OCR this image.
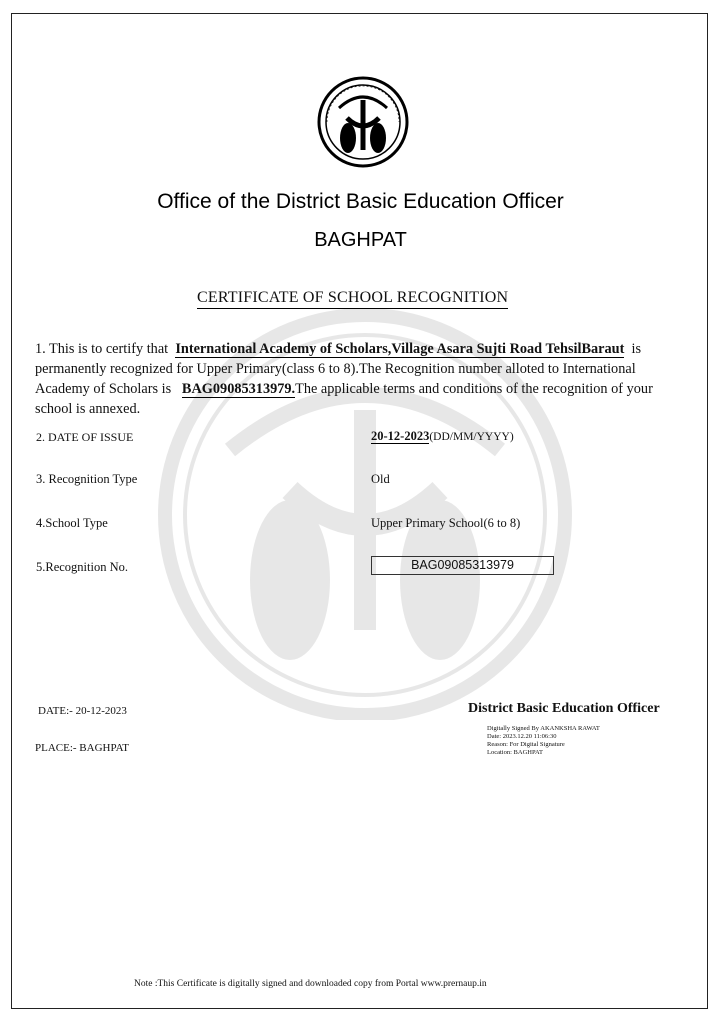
Office of the District Basic Education Officer
BAGHPAT
CERTIFICATE OF SCHOOL RECOGNITION
1. This is to certify that International Academy of Scholars,Village Asara Sujti Road TehsilBaraut is
permanently recognized for Upper Primary(class 6 to 8).The Recognition number alloted to International
Academy of Scholars is BAG09085313979.The applicable terms and conditions of the recognition of your
school is annexed.
2. DATE OF ISSUE	20-12-2023(DD/MM/YYYY)
3. Recognition Type	Old
4.School Type	Upper Primary School(6 to 8)
5.Recognition No.	BAG09085313979
DATE:- 20-12-2023
PLACE:- BAGHPAT
District Basic Education Officer
Digitally Signed By AKANKSHA RAWAT
Date: 2023.12.20 11:06:30
Reason: For Digital Signature
Location: BAGHPAT
Note :This Certificate is digitally signed and downloaded copy from Portal www.prernaup.in
